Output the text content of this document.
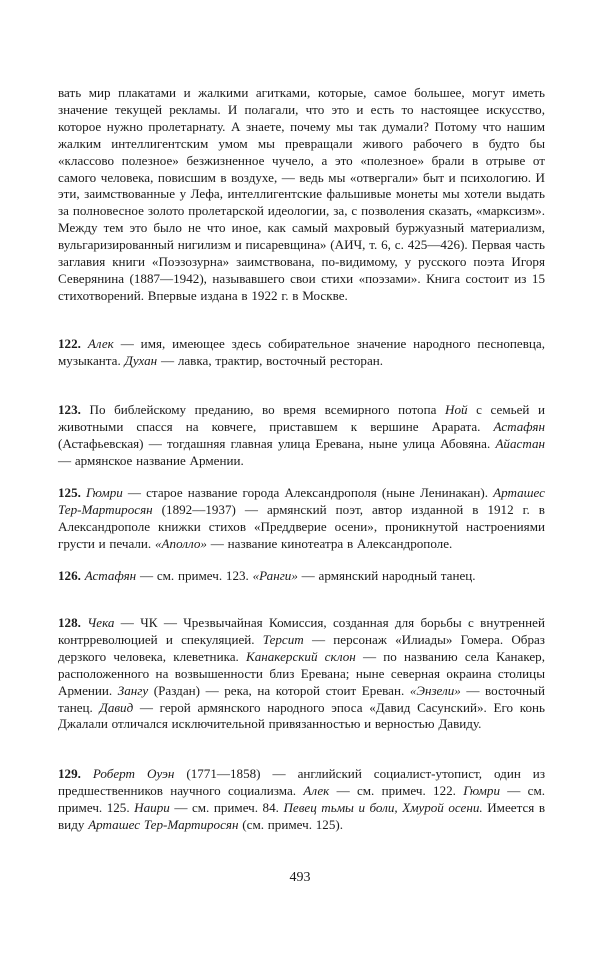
вать мир плакатами и жалкими агитками, которые, самое большее, могут иметь значение текущей рекламы. И полагали, что это и есть то настоящее искусство, которое нужно пролетарнату. А знаете, почему мы так думали? Потому что нашим жалким интеллигентским умом мы превращали живого рабочего в будто бы «классово полезное» безжизненное чучело, а это «полезное» брали в отрыве от самого человека, повисшим в воздухе, — ведь мы «отвергали» быт и психологию. И эти, заимствованные у Лефа, интеллигентские фальшивые монеты мы хотели выдать за полновесное золото пролетарской идеологии, за, с позволения сказать, «марксизм». Между тем это было не что иное, как самый махровый буржуазный материализм, вульгаризированный нигилизм и писаревщина» (АИЧ, т. 6, с. 425—426). Первая часть заглавия книги «Поэзозурна» заимствована, по-видимому, у русского поэта Игоря Северянина (1887—1942), называвшего свои стихи «поэзами». Книга состоит из 15 стихотворений. Впервые издана в 1922 г. в Москве.

122. Алек — имя, имеющее здесь собирательное значение народного песнопевца, музыканта. Духан — лавка, трактир, восточный ресторан.

123. По библейскому преданию, во время всемирного потопа Ной с семьей и животными спасся на ковчеге, приставшем к вершине Арарата. Астафян (Астафьевская) — тогдашняя главная улица Еревана, ныне улица Абовяна. Айастан — армянское название Армении.

125. Гюмри — старое название города Александрополя (ныне Ленинакан). Арташес Тер-Мартиросян (1892—1937) — армянский поэт, автор изданной в 1912 г. в Александрополе книжки стихов «Преддверие осени», проникнутой настроениями грусти и печали. «Аполло» — название кинотеатра в Александрополе.

126. Астафян — см. примеч. 123. «Ранги» — армянский народный танец.

128. Чека — ЧК — Чрезвычайная Комиссия, созданная для борьбы с внутренней контрреволюцией и спекуляцией. Терсит — персонаж «Илиады» Гомера. Образ дерзкого человека, клеветника. Канакерский склон — по названию села Канакер, расположенного на возвышенности близ Еревана; ныне северная окраина столицы Армении. Зангу (Раздан) — река, на которой стоит Ереван. «Энзели» — восточный танец. Давид — герой армянского народного эпоса «Давид Сасунский». Его конь Джалали отличался исключительной привязанностью и верностью Давиду.

129. Роберт Оуэн (1771—1858) — английский социалист-утопист, один из предшественников научного социализма. Алек — см. примеч. 122. Гюмри — см. примеч. 125. Наири — см. примеч. 84. Певец тьмы и боли, Хмурой осени. Имеется в виду Арташес Тер-Мартиросян (см. примеч. 125).

493
